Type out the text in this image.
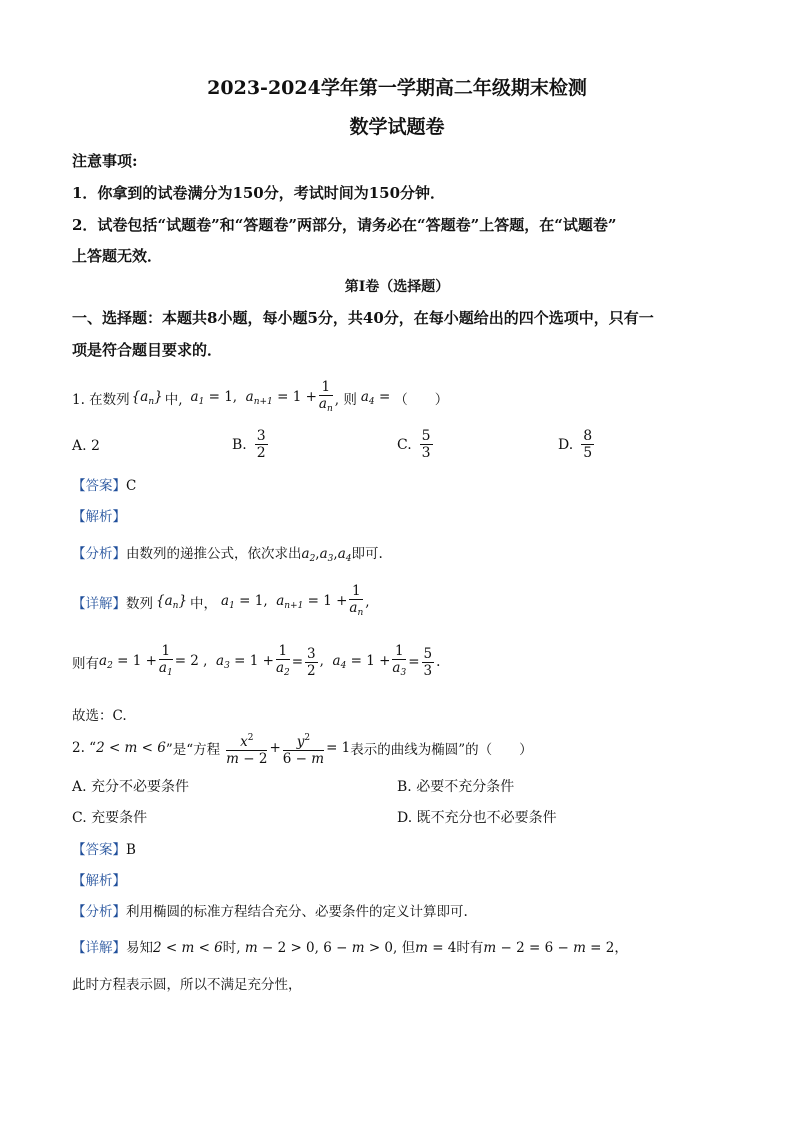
2023-2024学年第一学期高二年级期末检测
数学试题卷
注意事项:
1．你拿到的试卷满分为150分，考试时间为150分钟．
2．试卷包括“试题卷”和“答题卷”两部分，请务必在“答题卷”上答题，在“试题卷”
上答题无效．
第Ⅰ卷（选择题）
一、选择题：本题共8小题，每小题5分，共40分，在每小题给出的四个选项中，只有一
项是符合题目要求的．
1. 在数列 $\{a_n\}$ 中, $a_1 = 1$,  $a_{n+1} = 1 + \frac{1}{a_n}$ , 则 $a_4$ = （　　）
A. 2	B. $\frac{3}{2}$	C. $\frac{5}{3}$	D. $\frac{8}{5}$
【答案】C
【解析】
【分析】由数列的递推公式，依次求出$a_2,a_3,a_4$即可.
【详解】 数列 $\{a_n\}$ 中， $a_1 = 1$,  $a_{n+1} = 1 + \frac{1}{a_n}$ ,
则有 $a_2 = 1 + \frac{1}{a_1} = 2$ ,  $a_3 = 1 + \frac{1}{a_2} = \frac{3}{2}$ ,  $a_4 = 1 + \frac{1}{a_3} = \frac{5}{3}$ .
故选：C.
2. “ 2 < m < 6 ”是“方程 $\frac{x^2}{m - 2} + \frac{y^2}{6 - m} = 1$ 表示的曲线为椭圆”的（　　）
A. 充分不必要条件	B. 必要不充分条件
C. 充要条件	D. 既不充分也不必要条件
【答案】B
【解析】
【分析】利用椭圆的标准方程结合充分、必要条件的定义计算即可.
【详解】易知2 < m < 6时, m − 2 > 0, 6 − m > 0, 但m = 4时有m − 2 = 6 − m = 2，
此时方程表示圆，所以不满足充分性，
